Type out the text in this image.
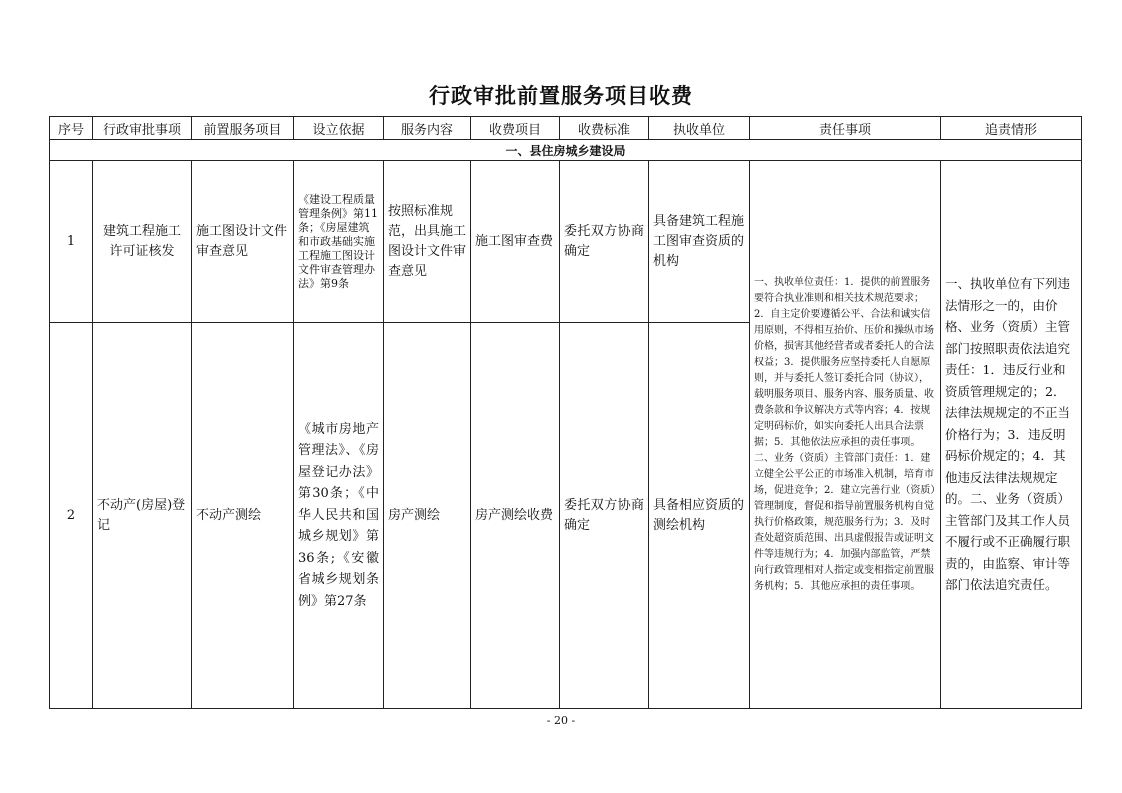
行政审批前置服务项目收费
序号	行政审批事项	前置服务项目	设立依据	服务内容	收费项目	收费标准	执收单位	责任事项	追责情形
一、县住房城乡建设局									
1	建筑工程施工许可证核发	施工图设计文件审查意见	《建设工程质量管理条例》第11条；《房屋建筑和市政基础实施工程施工图设计文件审查管理办法》第9条	按照标准规范，出具施工图设计文件审查意见	施工图审查费	委托双方协商确定	具备建筑工程施工图审查资质的机构	一、执收单位责任：1．提供的前置服务要符合执业准则和相关技术规范要求；2．自主定价要遵循公平、合法和诚实信用原则，不得相互抬价、压价和操纵市场价格，损害其他经营者或者委托人的合法权益；3．提供服务应坚持委托人自愿原则，并与委托人签订委托合同（协议），载明服务项目、服务内容、服务质量、收费条款和争议解决方式等内容；4．按规定明码标价，如实向委托人出具合法票据；5．其他依法应承担的责任事项。二、业务（资质）主管部门责任：1．建立健全公平公正的市场准入机制，培育市场，促进竞争；2．建立完善行业（资质）管理制度，督促和指导前置服务机构自觉执行价格政策，规范服务行为；3．及时查处超资质范围、出具虚假报告或证明文件等违规行为；4．加强内部监管，严禁向行政管理相对人指定或变相指定前置服务机构；5．其他应承担的责任事项。	一、执收单位有下列违法情形之一的，由价格、业务（资质）主管部门按照职责依法追究责任：1．违反行业和资质管理规定的；2．法律法规规定的不正当价格行为；3．违反明码标价规定的；4．其他违反法律法规规定的。二、业务（资质）主管部门及其工作人员不履行或不正确履行职责的，由监察、审计等部门依法追究责任。
2	不动产(房屋)登记	不动产测绘	《城市房地产管理法》、《房屋登记办法》第30条；《中华人民共和国城乡规划》第36条;《安徽省城乡规划条例》第27条	房产测绘	房产测绘收费	委托双方协商确定	具备相应资质的测绘机构		
- 20 -
